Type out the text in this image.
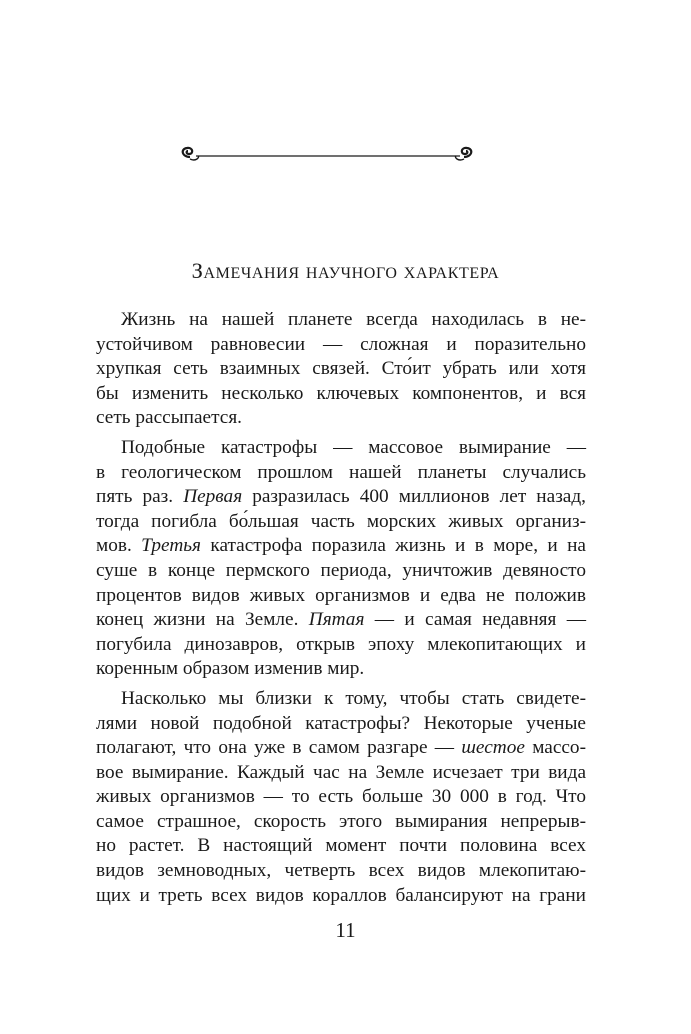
Замечания научного характера
Жизнь на нашей планете всегда находилась в не-
устойчивом равновесии — сложная и поразительно
хрупкая сеть взаимных связей. Сто́ит убрать или хотя
бы изменить несколько ключевых компонентов, и вся
сеть рассыпается.
Подобные катастрофы — массовое вымирание —
в геологическом прошлом нашей планеты случались
пять раз. Первая разразилась 400 миллионов лет назад,
тогда погибла бо́льшая часть морских живых организ-
мов. Третья катастрофа поразила жизнь и в море, и на
суше в конце пермского периода, уничтожив девяносто
процентов видов живых организмов и едва не положив
конец жизни на Земле. Пятая — и самая недавняя —
погубила динозавров, открыв эпоху млекопитающих и
коренным образом изменив мир.
Насколько мы близки к тому, чтобы стать свидете-
лями новой подобной катастрофы? Некоторые ученые
полагают, что она уже в самом разгаре — шестое массо-
вое вымирание. Каждый час на Земле исчезает три вида
живых организмов — то есть больше 30 000 в год. Что
самое страшное, скорость этого вымирания непрерыв-
но растет. В настоящий момент почти половина всех
видов земноводных, четверть всех видов млекопитаю-
щих и треть всех видов кораллов балансируют на грани
11
